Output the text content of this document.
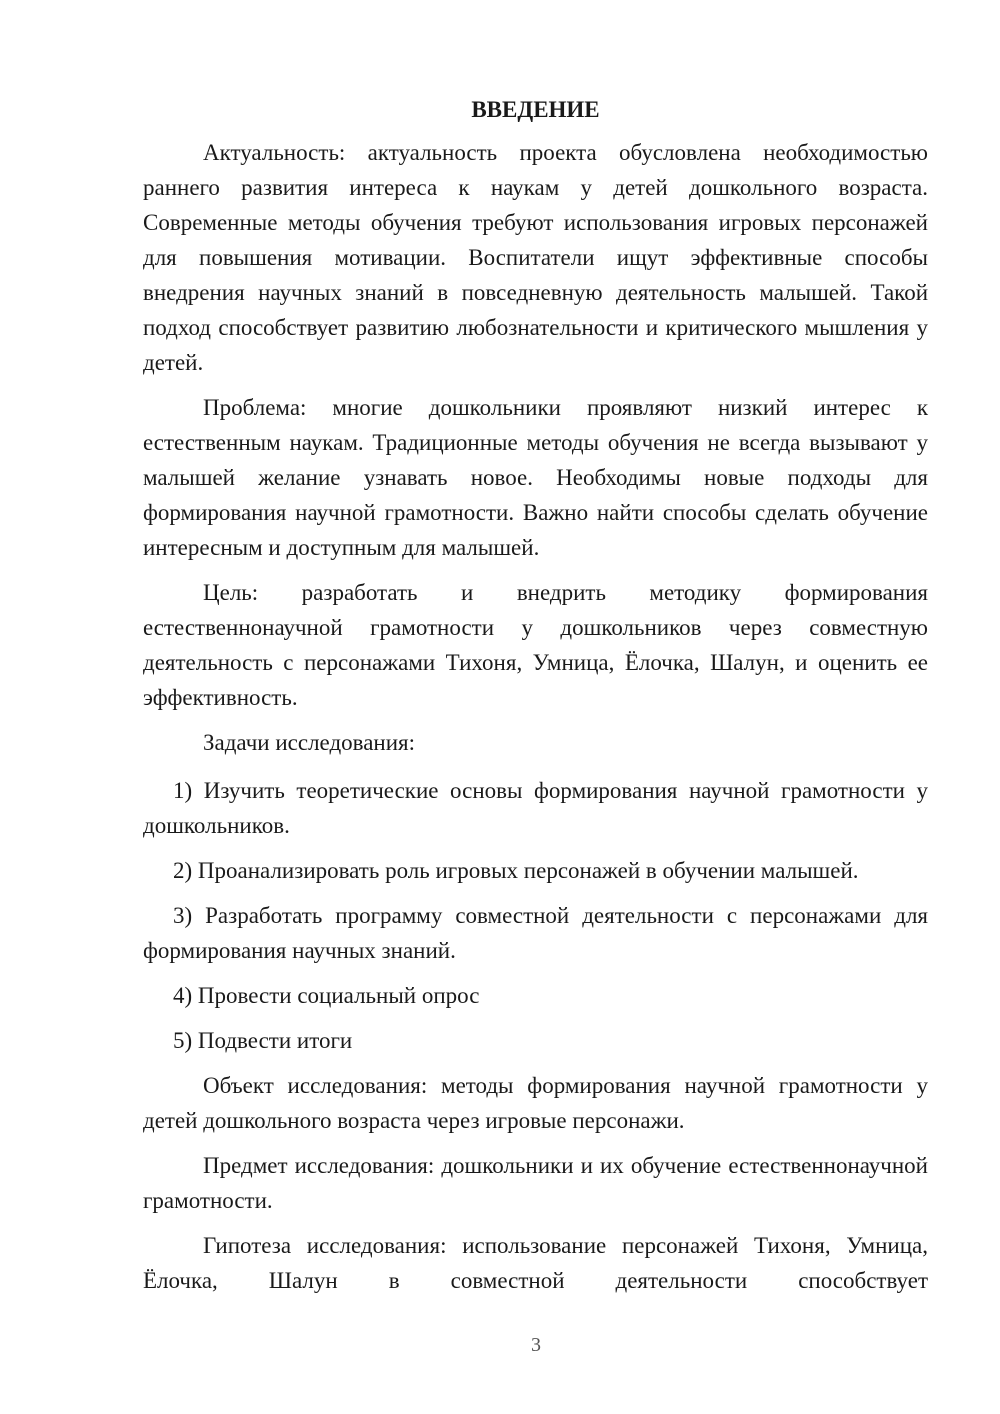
ВВЕДЕНИЕ

Актуальность: актуальность проекта обусловлена необходимостью раннего развития интереса к наукам у детей дошкольного возраста. Современные методы обучения требуют использования игровых персонажей для повышения мотивации. Воспитатели ищут эффективные способы внедрения научных знаний в повседневную деятельность малышей. Такой подход способствует развитию любознательности и критического мышления у детей.

Проблема: многие дошкольники проявляют низкий интерес к естественным наукам. Традиционные методы обучения не всегда вызывают у малышей желание узнавать новое. Необходимы новые подходы для формирования научной грамотности. Важно найти способы сделать обучение интересным и доступным для малышей.

Цель: разработать и внедрить методику формирования естественнонаучной грамотности у дошкольников через совместную деятельность с персонажами Тихоня, Умница, Ёлочка, Шалун, и оценить ее эффективность.

Задачи исследования:

1) Изучить теоретические основы формирования научной грамотности у дошкольников.

2) Проанализировать роль игровых персонажей в обучении малышей.

3) Разработать программу совместной деятельности с персонажами для формирования научных знаний.

4) Провести социальный опрос

5) Подвести итоги

Объект исследования: методы формирования научной грамотности у детей дошкольного возраста через игровые персонажи.

Предмет исследования: дошкольники и их обучение естественнонаучной грамотности.

Гипотеза исследования: использование персонажей Тихоня, Умница, Ёлочка, Шалун в совместной деятельности способствует

3
